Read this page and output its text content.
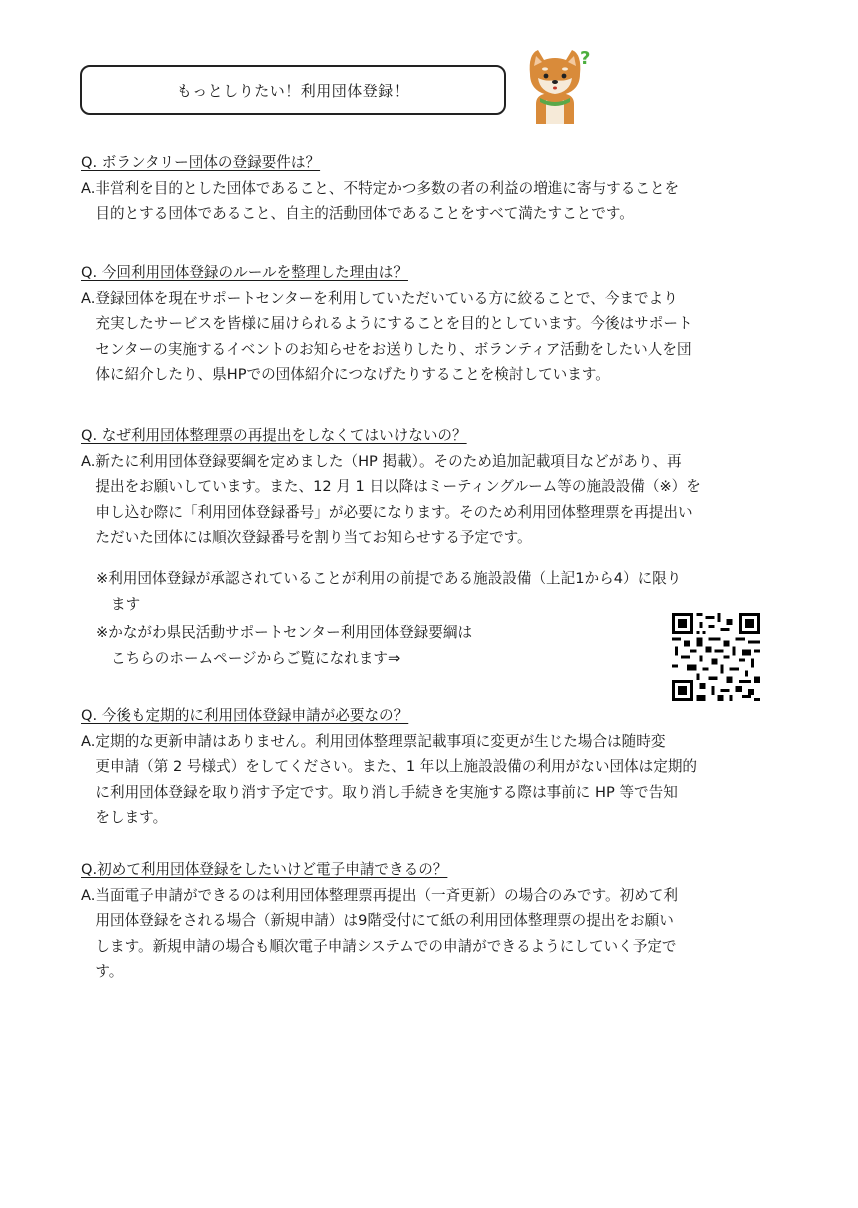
もっとしりたい！利用団体登録！
?
Q. ボランタリー団体の登録要件は？
A. 非営利を目的とした団体であること、不特定かつ多数の者の利益の増進に寄与することを
目的とする団体であること、自主的活動団体であることをすべて満たすことです。
Q. 今回利用団体登録のルールを整理した理由は？
A. 登録団体を現在サポートセンターを利用していただいている方に絞ることで、今までより
充実したサービスを皆様に届けられるようにすることを目的としています。今後はサポート
センターの実施するイベントのお知らせをお送りしたり、ボランティア活動をしたい人を団
体に紹介したり、県HPでの団体紹介につなげたりすることを検討しています。
Q. なぜ利用団体整理票の再提出をしなくてはいけないの？
A. 新たに利用団体登録要綱を定めました（HP 掲載）。そのため追加記載項目などがあり、再
提出をお願いしています。また、12 月 1 日以降はミーティングルーム等の施設設備（※）を
申し込む際に「利用団体登録番号」が必要になります。そのため利用団体整理票を再提出い
ただいた団体には順次登録番号を割り当てお知らせする予定です。
※利用団体登録が承認されていることが利用の前提である施設設備（上記1から4）に限り
ます
※かながわ県民活動サポートセンター利用団体登録要綱は
こちらのホームページからご覧になれます⇒
Q. 今後も定期的に利用団体登録申請が必要なの？
A. 定期的な更新申請はありません。利用団体整理票記載事項に変更が生じた場合は随時変
更申請（第 2 号様式）をしてください。また、1 年以上施設設備の利用がない団体は定期的
に利用団体登録を取り消す予定です。取り消し手続きを実施する際は事前に HP 等で告知
をします。
Q.初めて利用団体登録をしたいけど電子申請できるの？
A. 当面電子申請ができるのは利用団体整理票再提出（一斉更新）の場合のみです。初めて利
用団体登録をされる場合（新規申請）は9階受付にて紙の利用団体整理票の提出をお願い
します。新規申請の場合も順次電子申請システムでの申請ができるようにしていく予定で
す。
